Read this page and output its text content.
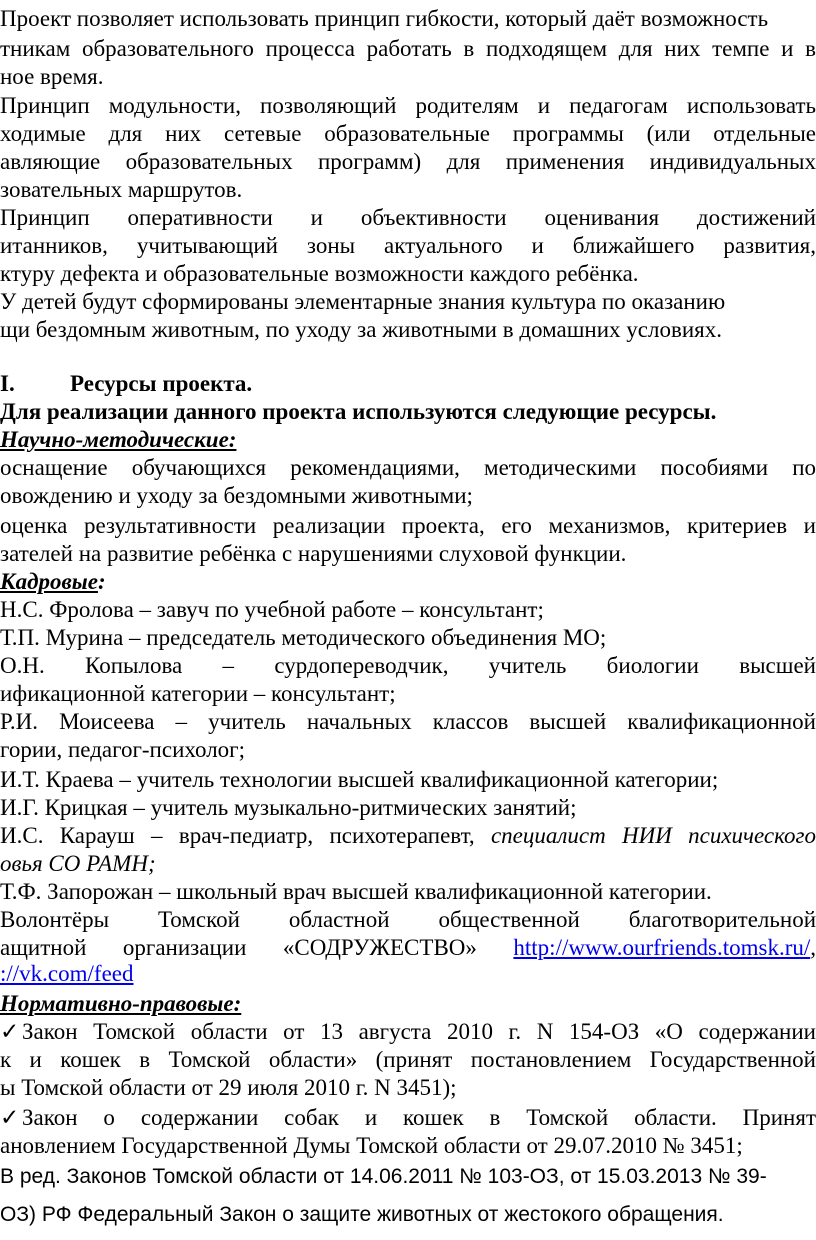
Проект позволяет использовать принцип гибкости, который даёт возможность
тникам образовательного процесса работать в подходящем для них темпе и в
ное время.
Принцип модульности, позволяющий родителям и педагогам использовать
ходимые для них сетевые образовательные программы (или отдельные
авляющие образовательных программ) для применения индивидуальных
зовательных маршрутов.
Принцип оперативности и объективности оценивания достижений
итанников, учитывающий зоны актуального и ближайшего развития,
ктуру дефекта и образовательные возможности каждого ребёнка.
У детей будут сформированы элементарные знания культура по оказанию
щи бездомным животным, по уходу за животными в домашних условиях.
I. Ресурсы проекта.
Для реализации данного проекта используются следующие ресурсы.
Научно-методические:
оснащение обучающихся рекомендациями, методическими пособиями по
овождению и уходу за бездомными животными;
оценка результативности реализации проекта, его механизмов, критериев и
зателей на развитие ребёнка с нарушениями слуховой функции.
Кадровые:
Н.С. Фролова – завуч по учебной работе – консультант;
Т.П. Мурина – председатель методического объединения МО;
О.Н. Копылова – сурдопереводчик, учитель биологии высшей
ификационной категории – консультант;
Р.И. Моисеева – учитель начальных классов высшей квалификационной
гории, педагог-психолог;
И.Т. Краева – учитель технологии высшей квалификационной категории;
И.Г. Крицкая – учитель музыкально-ритмических занятий;
И.С. Карауш – врач-педиатр, психотерапевт, специалист НИИ психического
овья СО РАМН;
Т.Ф. Запорожан – школьный врач высшей квалификационной категории.
Волонтёры Томской областной общественной благотворительной
ащитной организации «СОДРУЖЕСТВО» http://www.ourfriends.tomsk.ru/,
://vk.com/feed
Нормативно-правовые:
✓ Закон Томской области от 13 августа 2010 г. N 154-ОЗ «О содержании
к и кошек в Томской области» (принят постановлением Государственной
ы Томской области от 29 июля 2010 г. N 3451);
✓ Закон о содержании собак и кошек в Томской области. Принят
ановлением Государственной Думы Томской области от 29.07.2010 № 3451;
В ред. Законов Томской области от 14.06.2011 № 103-ОЗ, от 15.03.2013 № 39-
ОЗ) РФ Федеральный Закон о защите животных от жестокого обращения.
